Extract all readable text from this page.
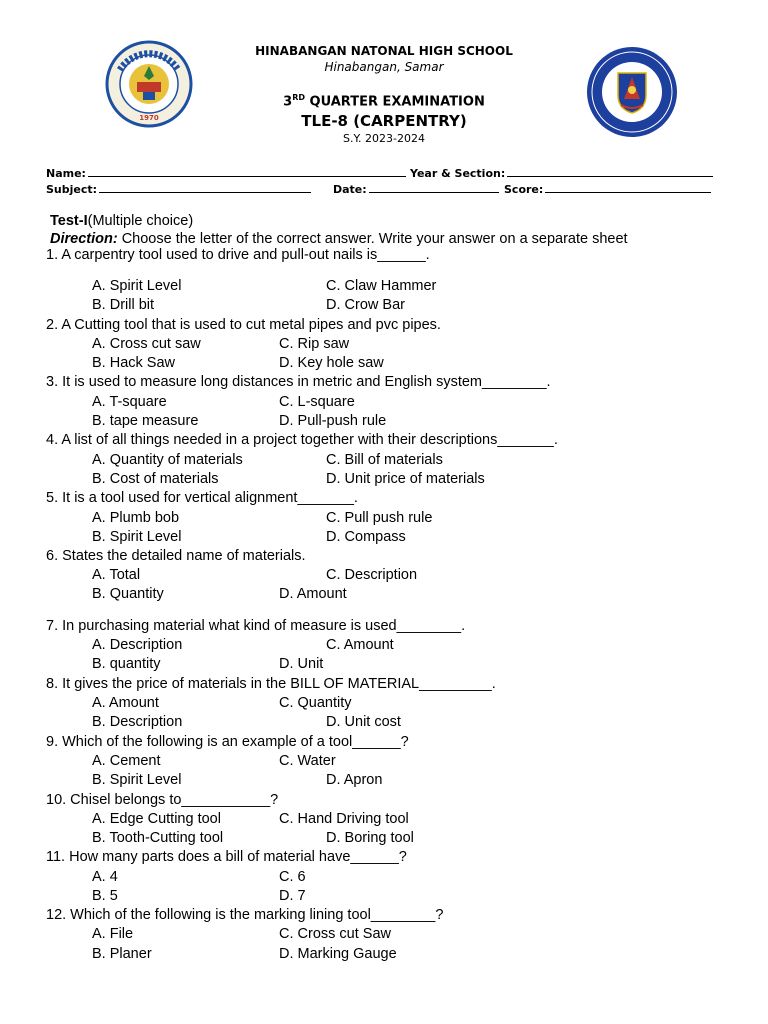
1970
HINABANGAN NATONAL HIGH SCHOOL
Hinabangan, Samar
3RD QUARTER EXAMINATION
TLE-8 (CARPENTRY)
S.Y. 2023-2024
Name:	Year & Section:
Subject:	Date:	Score:
Test-I(Multiple choice)
Direction: Choose the letter of the correct answer. Write your answer on a separate sheet
1. A carpentry tool used to drive and pull-out nails is______.
A. Spirit Level	C. Claw Hammer
B. Drill bit	D. Crow Bar
2. A Cutting tool that is used to cut metal pipes and pvc pipes.
A. Cross cut saw	C. Rip saw
B. Hack Saw	D. Key hole saw
3. It is used to measure long distances in metric and English system________.
A. T-square	C. L-square
B. tape measure	D. Pull-push rule
4. A list of all things needed in a project together with their descriptions_______.
A. Quantity of materials	C. Bill of materials
B. Cost of materials	D. Unit price of materials
5. It is a tool used for vertical alignment_______.
A. Plumb bob	C. Pull push rule
B. Spirit Level	D. Compass
6. States the detailed name of materials.
A. Total	C. Description
B. Quantity	D. Amount
7. In purchasing material what kind of measure is used________.
A. Description	C. Amount
B. quantity	D. Unit
8. It gives the price of materials in the BILL OF MATERIAL_________.
A. Amount	C. Quantity
B. Description	D. Unit cost
9. Which of the following is an example of a tool______?
A. Cement	C. Water
B. Spirit Level	D. Apron
10. Chisel belongs to___________?
A. Edge Cutting tool	C. Hand Driving tool
B. Tooth-Cutting tool	D. Boring tool
11. How many parts does a bill of material have______?
A. 4	C. 6
B. 5	D. 7
12. Which of the following is the marking lining tool________?
A. File	C. Cross cut Saw
B. Planer	D. Marking Gauge
